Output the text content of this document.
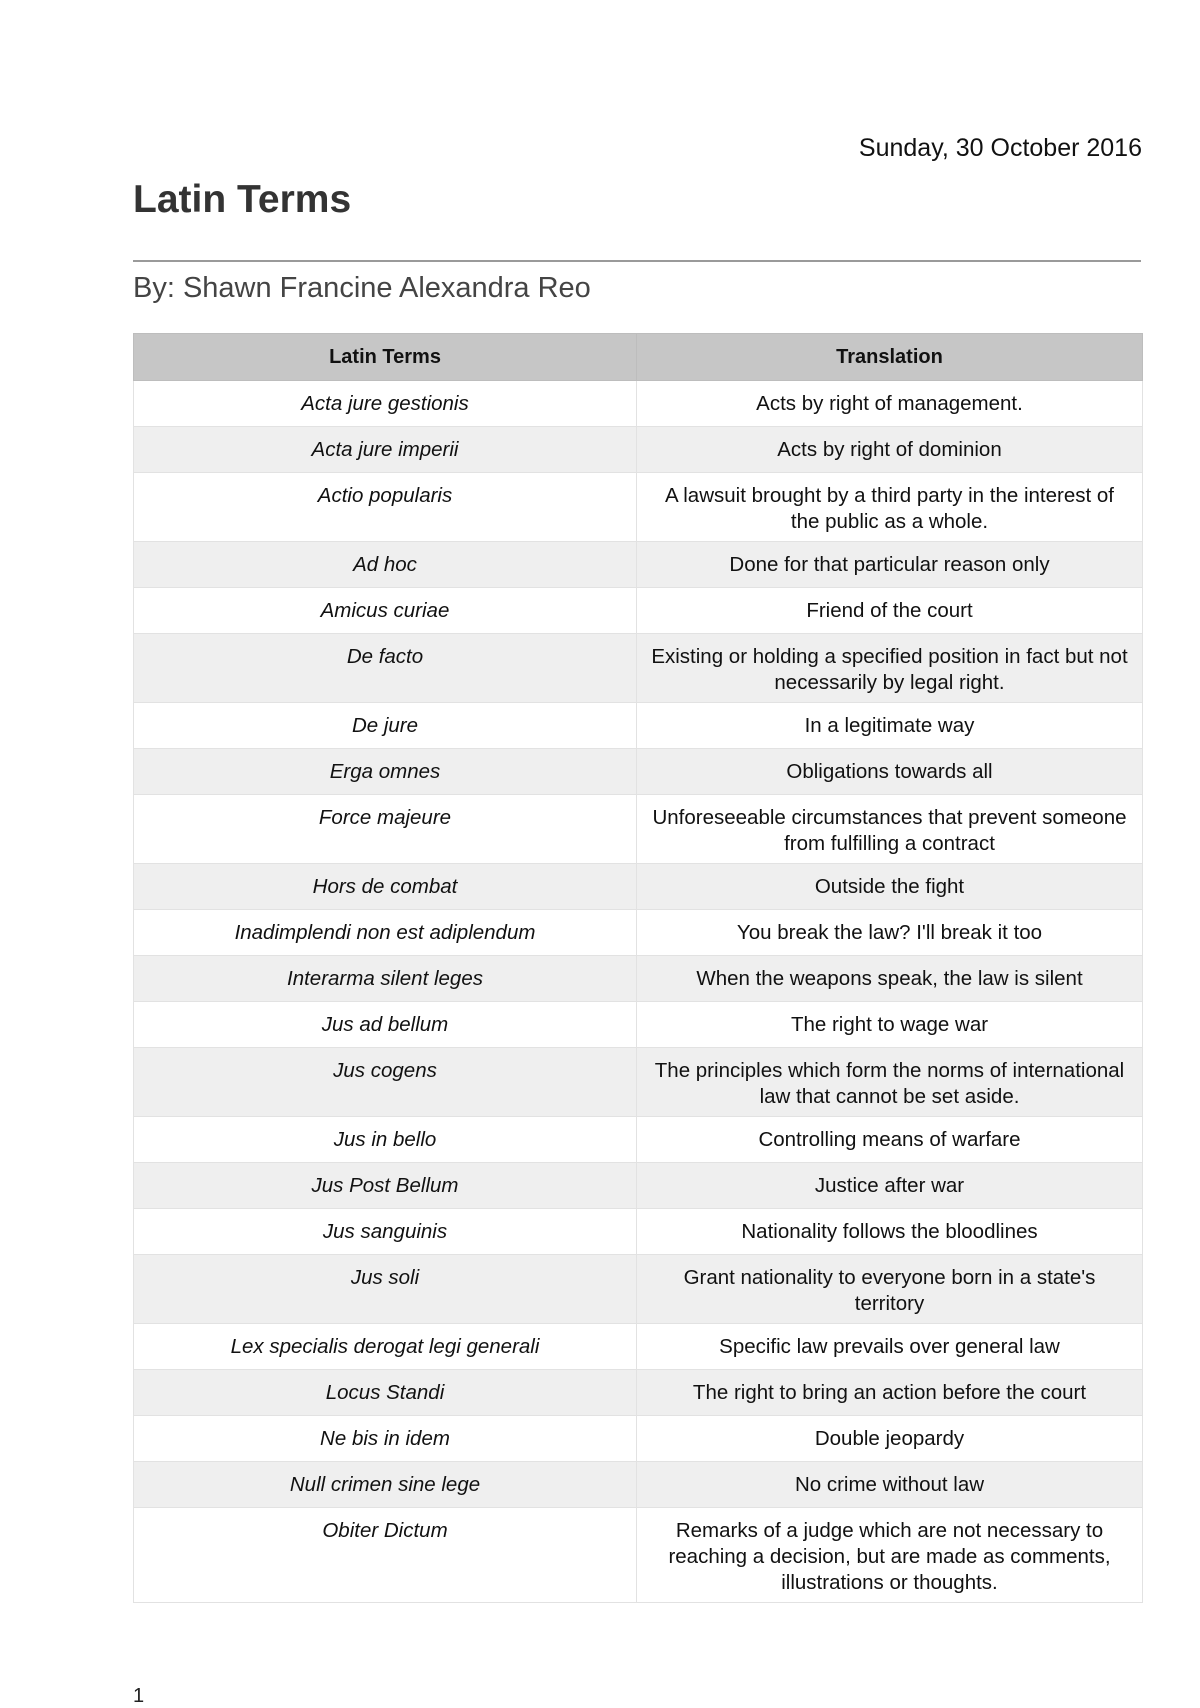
Sunday, 30 October 2016
Latin Terms
By: Shawn Francine Alexandra Reo
Latin Terms	Translation
Acta jure gestionis	Acts by right of management.
Acta jure imperii	Acts by right of dominion
Actio popularis	A lawsuit brought by a third party in the interest of the public as a whole.
Ad hoc	Done for that particular reason only
Amicus curiae	Friend of the court
De facto	Existing or holding a specified position in fact but not necessarily by legal right.
De jure	In a legitimate way
Erga omnes	Obligations towards all
Force majeure	Unforeseeable circumstances that prevent someone from fulfilling a contract
Hors de combat	Outside the fight
Inadimplendi non est adiplendum	You break the law? I'll break it too
Interarma silent leges	When the weapons speak, the law is silent
Jus ad bellum	The right to wage war
Jus cogens	The principles which form the norms of international law that cannot be set aside.
Jus in bello	Controlling means of warfare
Jus Post Bellum	Justice after war
Jus sanguinis	Nationality follows the bloodlines
Jus soli	Grant nationality to everyone born in a state's territory
Lex specialis derogat legi generali	Specific law prevails over general law
Locus Standi	The right to bring an action before the court
Ne bis in idem	Double jeopardy
Null crimen sine lege	No crime without law
Obiter Dictum	Remarks of a judge which are not necessary to reaching a decision, but are made as comments, illustrations or thoughts.
1
